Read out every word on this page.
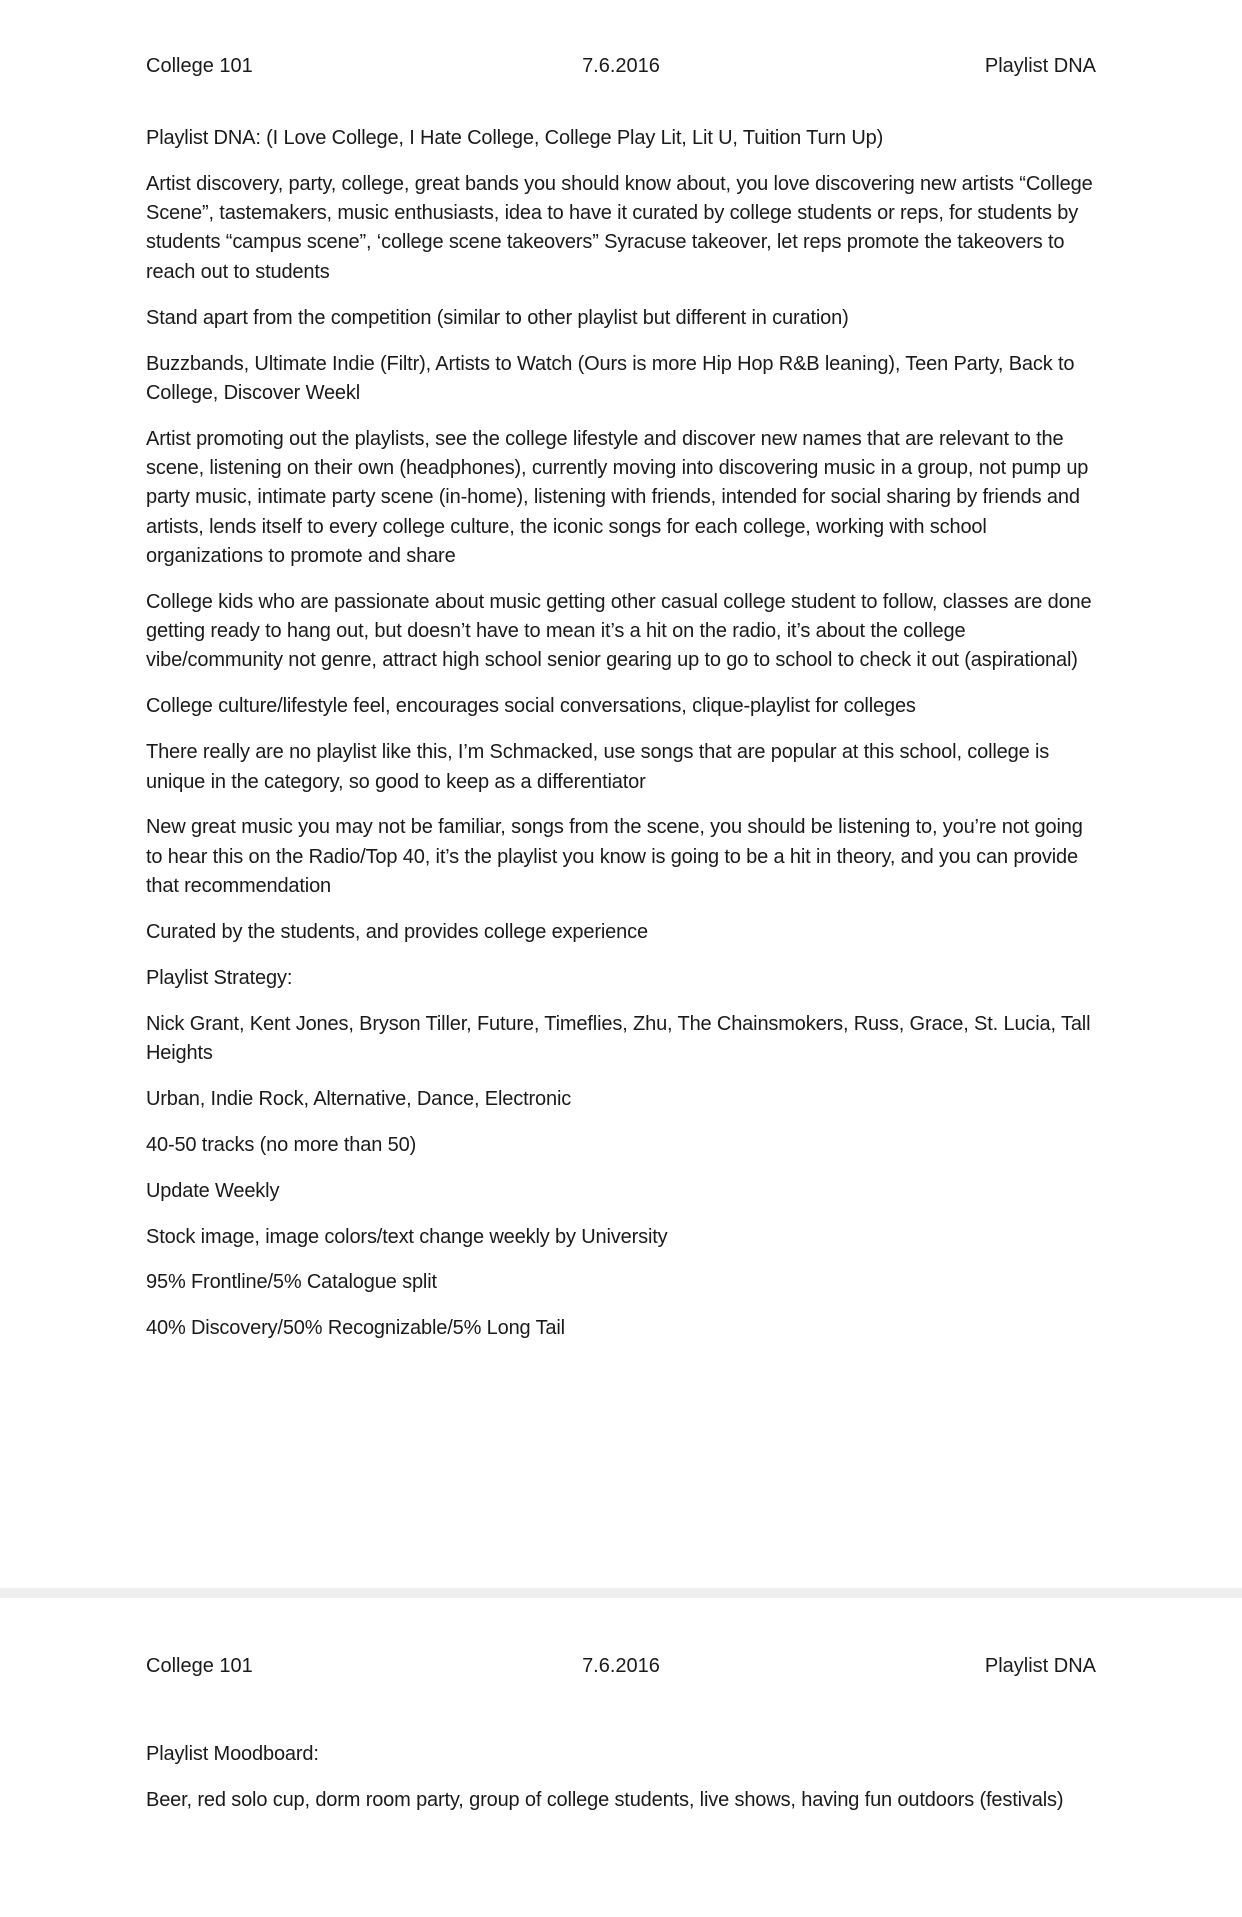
College 101	7.6.2016	Playlist DNA

Playlist DNA: (I Love College, I Hate College, College Play Lit, Lit U, Tuition Turn Up)

Artist discovery, party, college, great bands you should know about, you love discovering new artists “College Scene”, tastemakers, music enthusiasts, idea to have it curated by college students or reps, for students by students “campus scene”, ‘college scene takeovers” Syracuse takeover, let reps promote the takeovers to reach out to students

Stand apart from the competition (similar to other playlist but different in curation)

Buzzbands, Ultimate Indie (Filtr), Artists to Watch (Ours is more Hip Hop R&B leaning), Teen Party, Back to College, Discover Weekl

Artist promoting out the playlists, see the college lifestyle and discover new names that are relevant to the scene, listening on their own (headphones), currently moving into discovering music in a group, not pump up party music, intimate party scene (in-home), listening with friends, intended for social sharing by friends and artists, lends itself to every college culture, the iconic songs for each college, working with school organizations to promote and share

College kids who are passionate about music getting other casual college student to follow, classes are done getting ready to hang out, but doesn’t have to mean it’s a hit on the radio, it’s about the college vibe/community not genre, attract high school senior gearing up to go to school to check it out (aspirational)

College culture/lifestyle feel, encourages social conversations, clique-playlist for colleges

There really are no playlist like this, I’m Schmacked, use songs that are popular at this school, college is unique in the category, so good to keep as a differentiator

New great music you may not be familiar, songs from the scene, you should be listening to, you’re not going to hear this on the Radio/Top 40, it’s the playlist you know is going to be a hit in theory, and you can provide that recommendation

Curated by the students, and provides college experience

Playlist Strategy:

Nick Grant, Kent Jones, Bryson Tiller, Future, Timeflies, Zhu, The Chainsmokers, Russ, Grace, St. Lucia, Tall Heights

Urban, Indie Rock, Alternative, Dance, Electronic

40-50 tracks (no more than 50)

Update Weekly

Stock image, image colors/text change weekly by University

95% Frontline/5% Catalogue split

40% Discovery/50% Recognizable/5% Long Tail

College 101	7.6.2016	Playlist DNA

Playlist Moodboard:

Beer, red solo cup, dorm room party, group of college students, live shows, having fun outdoors (festivals)
